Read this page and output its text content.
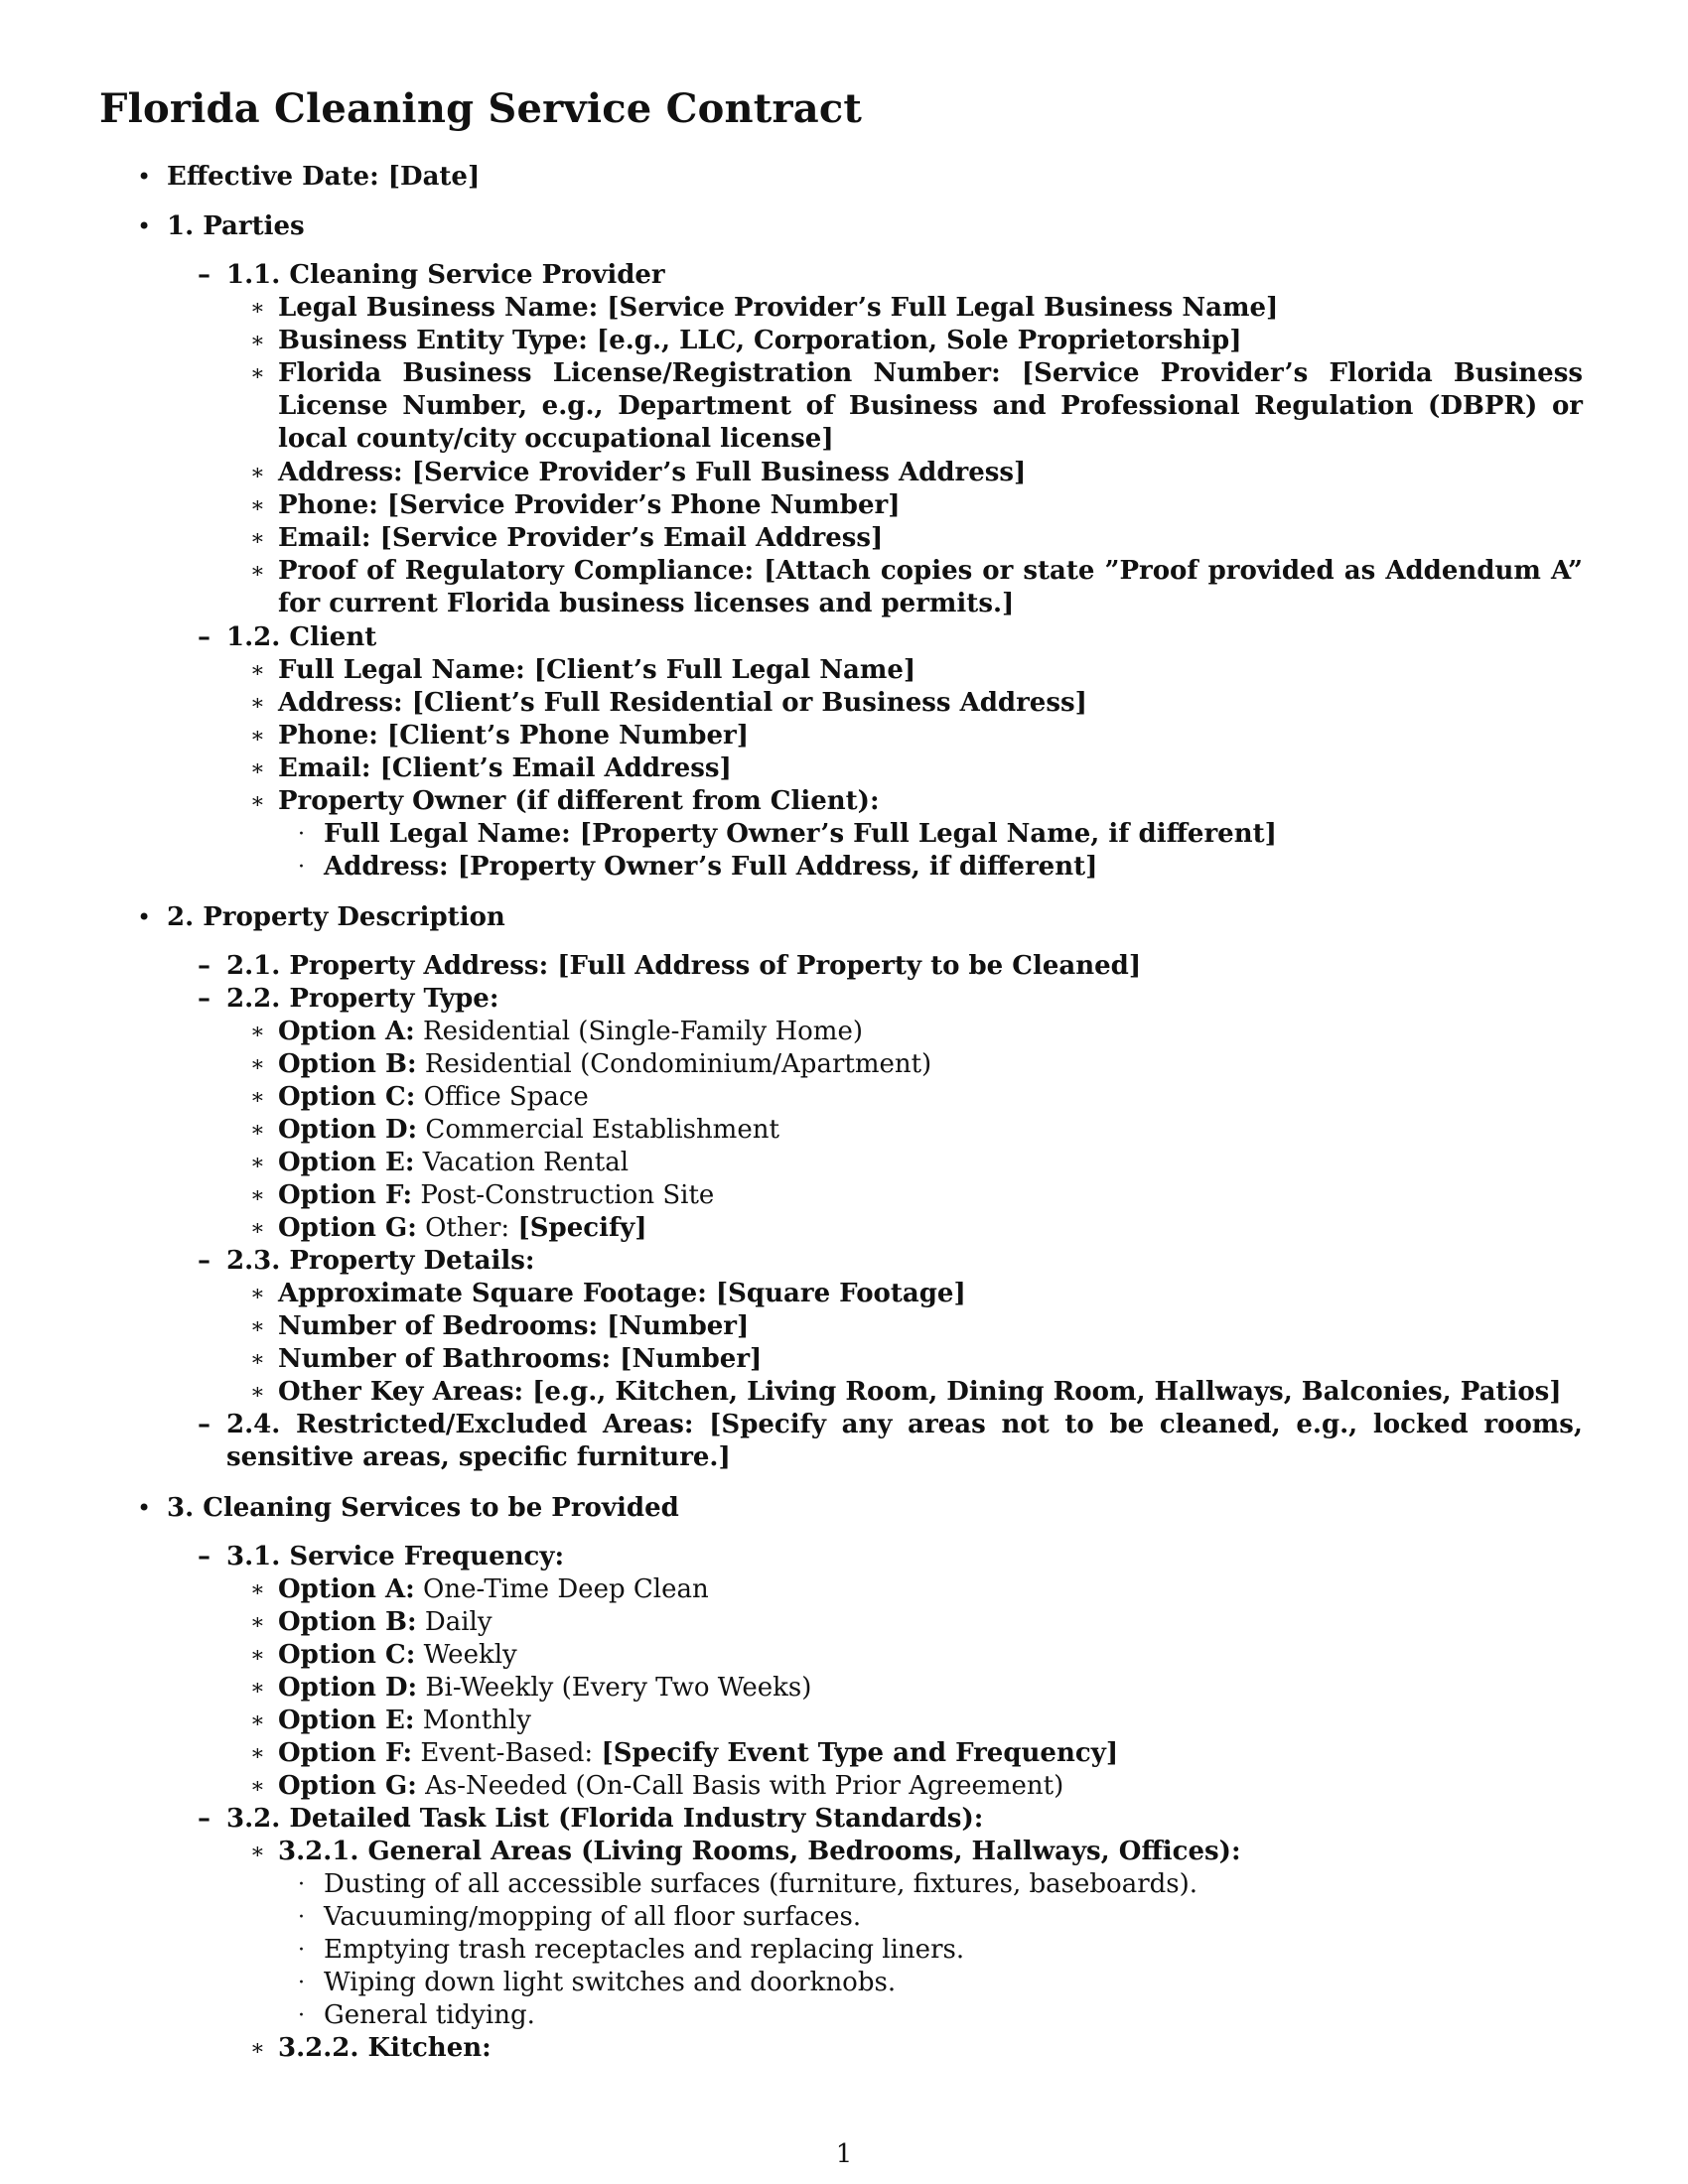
Florida Cleaning Service Contract
• Effective Date: [Date]
• 1. Parties
– 1.1. Cleaning Service Provider
∗ Legal Business Name: [Service Provider’s Full Legal Business Name]
∗ Business Entity Type: [e.g., LLC, Corporation, Sole Proprietorship]
∗ Florida Business License/Registration Number: [Service Provider’s Florida Business License Number, e.g., Department of Business and Professional Regulation (DBPR) or local county/city occupational license]
∗ Address: [Service Provider’s Full Business Address]
∗ Phone: [Service Provider’s Phone Number]
∗ Email: [Service Provider’s Email Address]
∗ Proof of Regulatory Compliance: [Attach copies or state ”Proof provided as Addendum A” for current Florida business licenses and permits.]
– 1.2. Client
∗ Full Legal Name: [Client’s Full Legal Name]
∗ Address: [Client’s Full Residential or Business Address]
∗ Phone: [Client’s Phone Number]
∗ Email: [Client’s Email Address]
∗ Property Owner (if different from Client):
· Full Legal Name: [Property Owner’s Full Legal Name, if different]
· Address: [Property Owner’s Full Address, if different]
• 2. Property Description
– 2.1. Property Address: [Full Address of Property to be Cleaned]
– 2.2. Property Type:
∗ Option A: Residential (Single-Family Home)
∗ Option B: Residential (Condominium/Apartment)
∗ Option C: Office Space
∗ Option D: Commercial Establishment
∗ Option E: Vacation Rental
∗ Option F: Post-Construction Site
∗ Option G: Other: [Specify]
– 2.3. Property Details:
∗ Approximate Square Footage: [Square Footage]
∗ Number of Bedrooms: [Number]
∗ Number of Bathrooms: [Number]
∗ Other Key Areas: [e.g., Kitchen, Living Room, Dining Room, Hallways, Balconies, Patios]
– 2.4. Restricted/Excluded Areas: [Specify any areas not to be cleaned, e.g., locked rooms, sensitive areas, specific furniture.]
• 3. Cleaning Services to be Provided
– 3.1. Service Frequency:
∗ Option A: One-Time Deep Clean
∗ Option B: Daily
∗ Option C: Weekly
∗ Option D: Bi-Weekly (Every Two Weeks)
∗ Option E: Monthly
∗ Option F: Event-Based: [Specify Event Type and Frequency]
∗ Option G: As-Needed (On-Call Basis with Prior Agreement)
– 3.2. Detailed Task List (Florida Industry Standards):
∗ 3.2.1. General Areas (Living Rooms, Bedrooms, Hallways, Offices):
· Dusting of all accessible surfaces (furniture, fixtures, baseboards).
· Vacuuming/mopping of all floor surfaces.
· Emptying trash receptacles and replacing liners.
· Wiping down light switches and doorknobs.
· General tidying.
∗ 3.2.2. Kitchen:
1
